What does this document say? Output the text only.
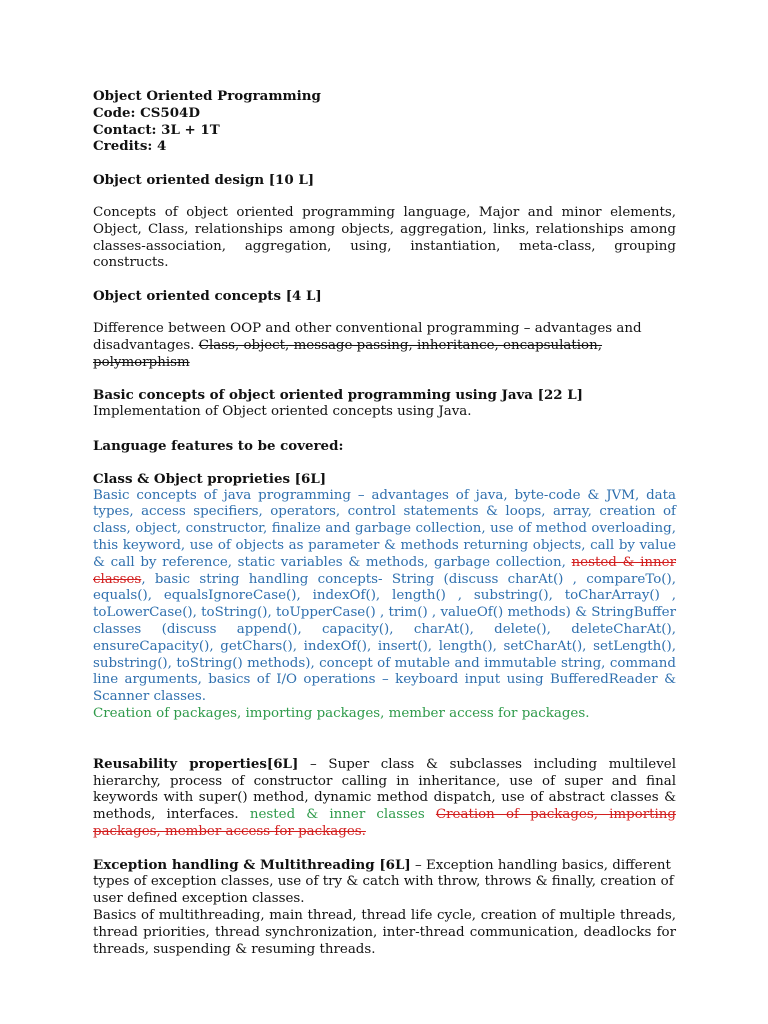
Object Oriented Programming
Code: CS504D
Contact: 3L + 1T
Credits: 4
Object oriented design [10 L]
Concepts of object oriented programming language, Major and minor elements, Object, Class, relationships among objects, aggregation, links, relationships among classes-association, aggregation, using, instantiation, meta-class, grouping constructs.
Object oriented concepts [4 L]
Difference between OOP and other conventional programming – advantages and disadvantages. Class, object, message passing, inheritance, encapsulation, polymorphism
Basic concepts of object oriented programming using Java [22 L]
Implementation of Object oriented concepts using Java.
Language features to be covered:
Class & Object proprieties [6L]
Basic concepts of java programming – advantages of java, byte-code & JVM, data types, access specifiers, operators, control statements & loops, array, creation of class, object, constructor, finalize and garbage collection, use of method overloading, this keyword, use of objects as parameter & methods returning objects, call by value & call by reference, static variables & methods, garbage collection, nested & inner classes, basic string handling concepts- String (discuss charAt() , compareTo(), equals(), equalsIgnoreCase(), indexOf(), length() , substring(), toCharArray() , toLowerCase(), toString(), toUpperCase() , trim() , valueOf() methods) & StringBuffer classes (discuss append(), capacity(), charAt(), delete(), deleteCharAt(), ensureCapacity(), getChars(), indexOf(), insert(), length(), setCharAt(), setLength(), substring(), toString() methods), concept of mutable and immutable string, command line arguments, basics of I/O operations – keyboard input using BufferedReader & Scanner classes.
Creation of packages, importing packages, member access for packages.
Reusability properties[6L] – Super class & subclasses including multilevel hierarchy, process of constructor calling in inheritance, use of super and final keywords with super() method, dynamic method dispatch, use of abstract classes & methods, interfaces. nested & inner classes Creation of packages, importing packages, member access for packages.
Exception handling & Multithreading [6L] – Exception handling basics, different types of exception classes, use of try & catch with throw, throws & finally, creation of user defined exception classes.
Basics of multithreading, main thread, thread life cycle, creation of multiple threads, thread priorities, thread synchronization, inter-thread communication, deadlocks for threads, suspending & resuming threads.
